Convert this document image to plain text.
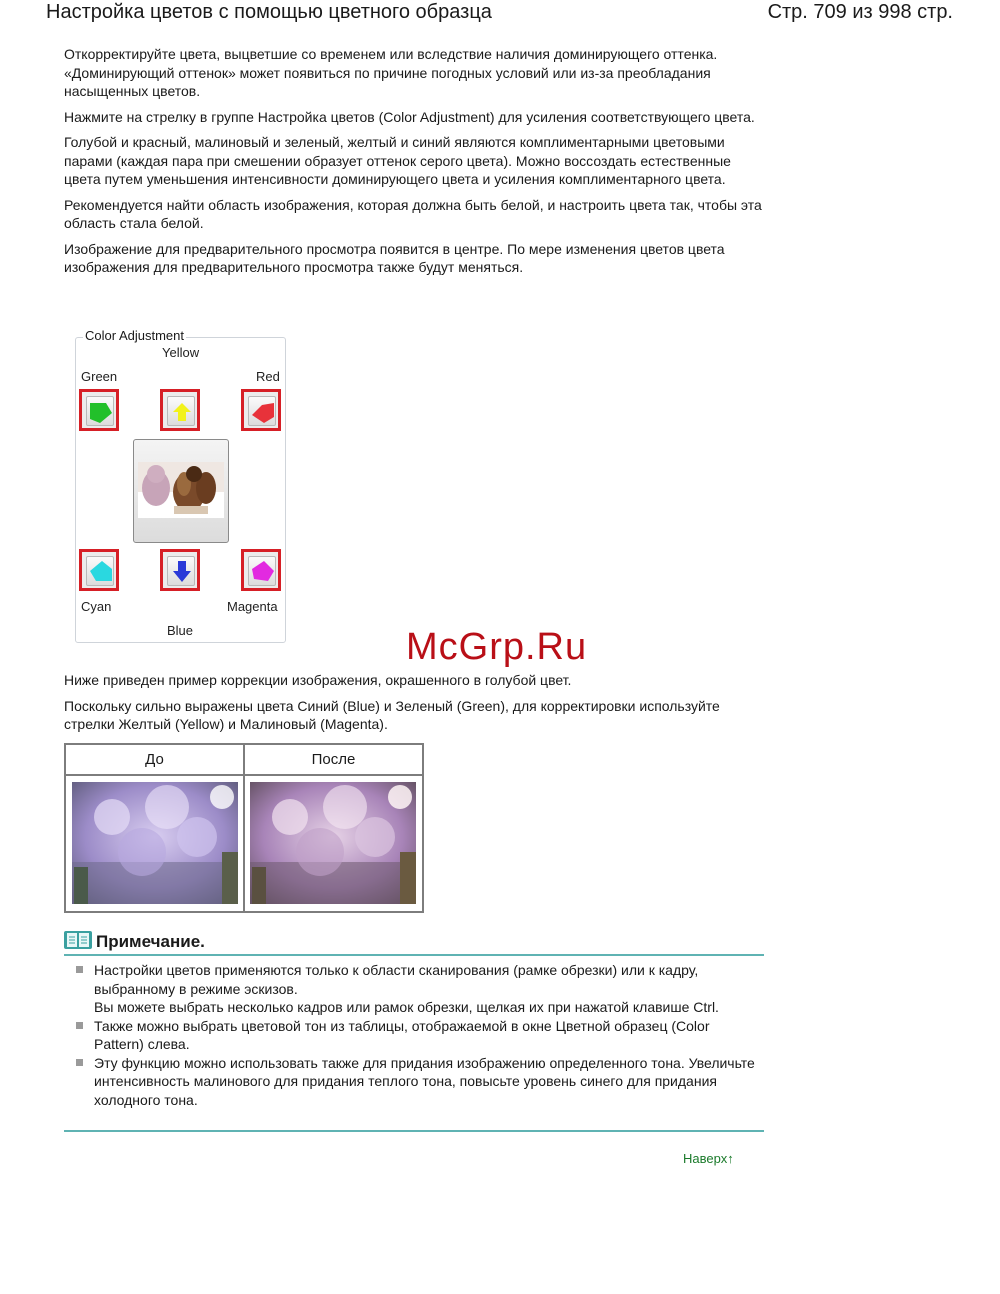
Настройка цветов с помощью цветного образца	Стр. 709 из 998 стр.

Откорректируйте цвета, выцветшие со временем или вследствие наличия доминирующего оттенка. «Доминирующий оттенок» может появиться по причине погодных условий или из-за преобладания насыщенных цветов.

Нажмите на стрелку в группе Настройка цветов (Color Adjustment) для усиления соответствующего цвета.

Голубой и красный, малиновый и зеленый, желтый и синий являются комплиментарными цветовыми парами (каждая пара при смешении образует оттенок серого цвета). Можно воссоздать естественные цвета путем уменьшения интенсивности доминирующего цвета и усиления комплиментарного цвета.

Рекомендуется найти область изображения, которая должна быть белой, и настроить цвета так, чтобы эта область стала белой.

Изображение для предварительного просмотра появится в центре. По мере изменения цветов цвета изображения для предварительного просмотра также будут меняться.

Color Adjustment
Yellow
Green	Red
Cyan	Magenta
Blue	McGrp.Ru

Ниже приведен пример коррекции изображения, окрашенного в голубой цвет.

Поскольку сильно выражены цвета Синий (Blue) и Зеленый (Green), для корректировки используйте стрелки Желтый (Yellow) и Малиновый (Magenta).

До	После
Примечание.
Настройки цветов применяются только к области сканирования (рамке обрезки) или к кадру, выбранному в режиме эскизов.
Вы можете выбрать несколько кадров или рамок обрезки, щелкая их при нажатой клавише Ctrl.
Также можно выбрать цветовой тон из таблицы, отображаемой в окне Цветной образец (Color Pattern) слева.
Эту функцию можно использовать также для придания изображению определенного тона. Увеличьте интенсивность малинового для придания теплого тона, повысьте уровень синего для придания холодного тона.
Наверх↑
